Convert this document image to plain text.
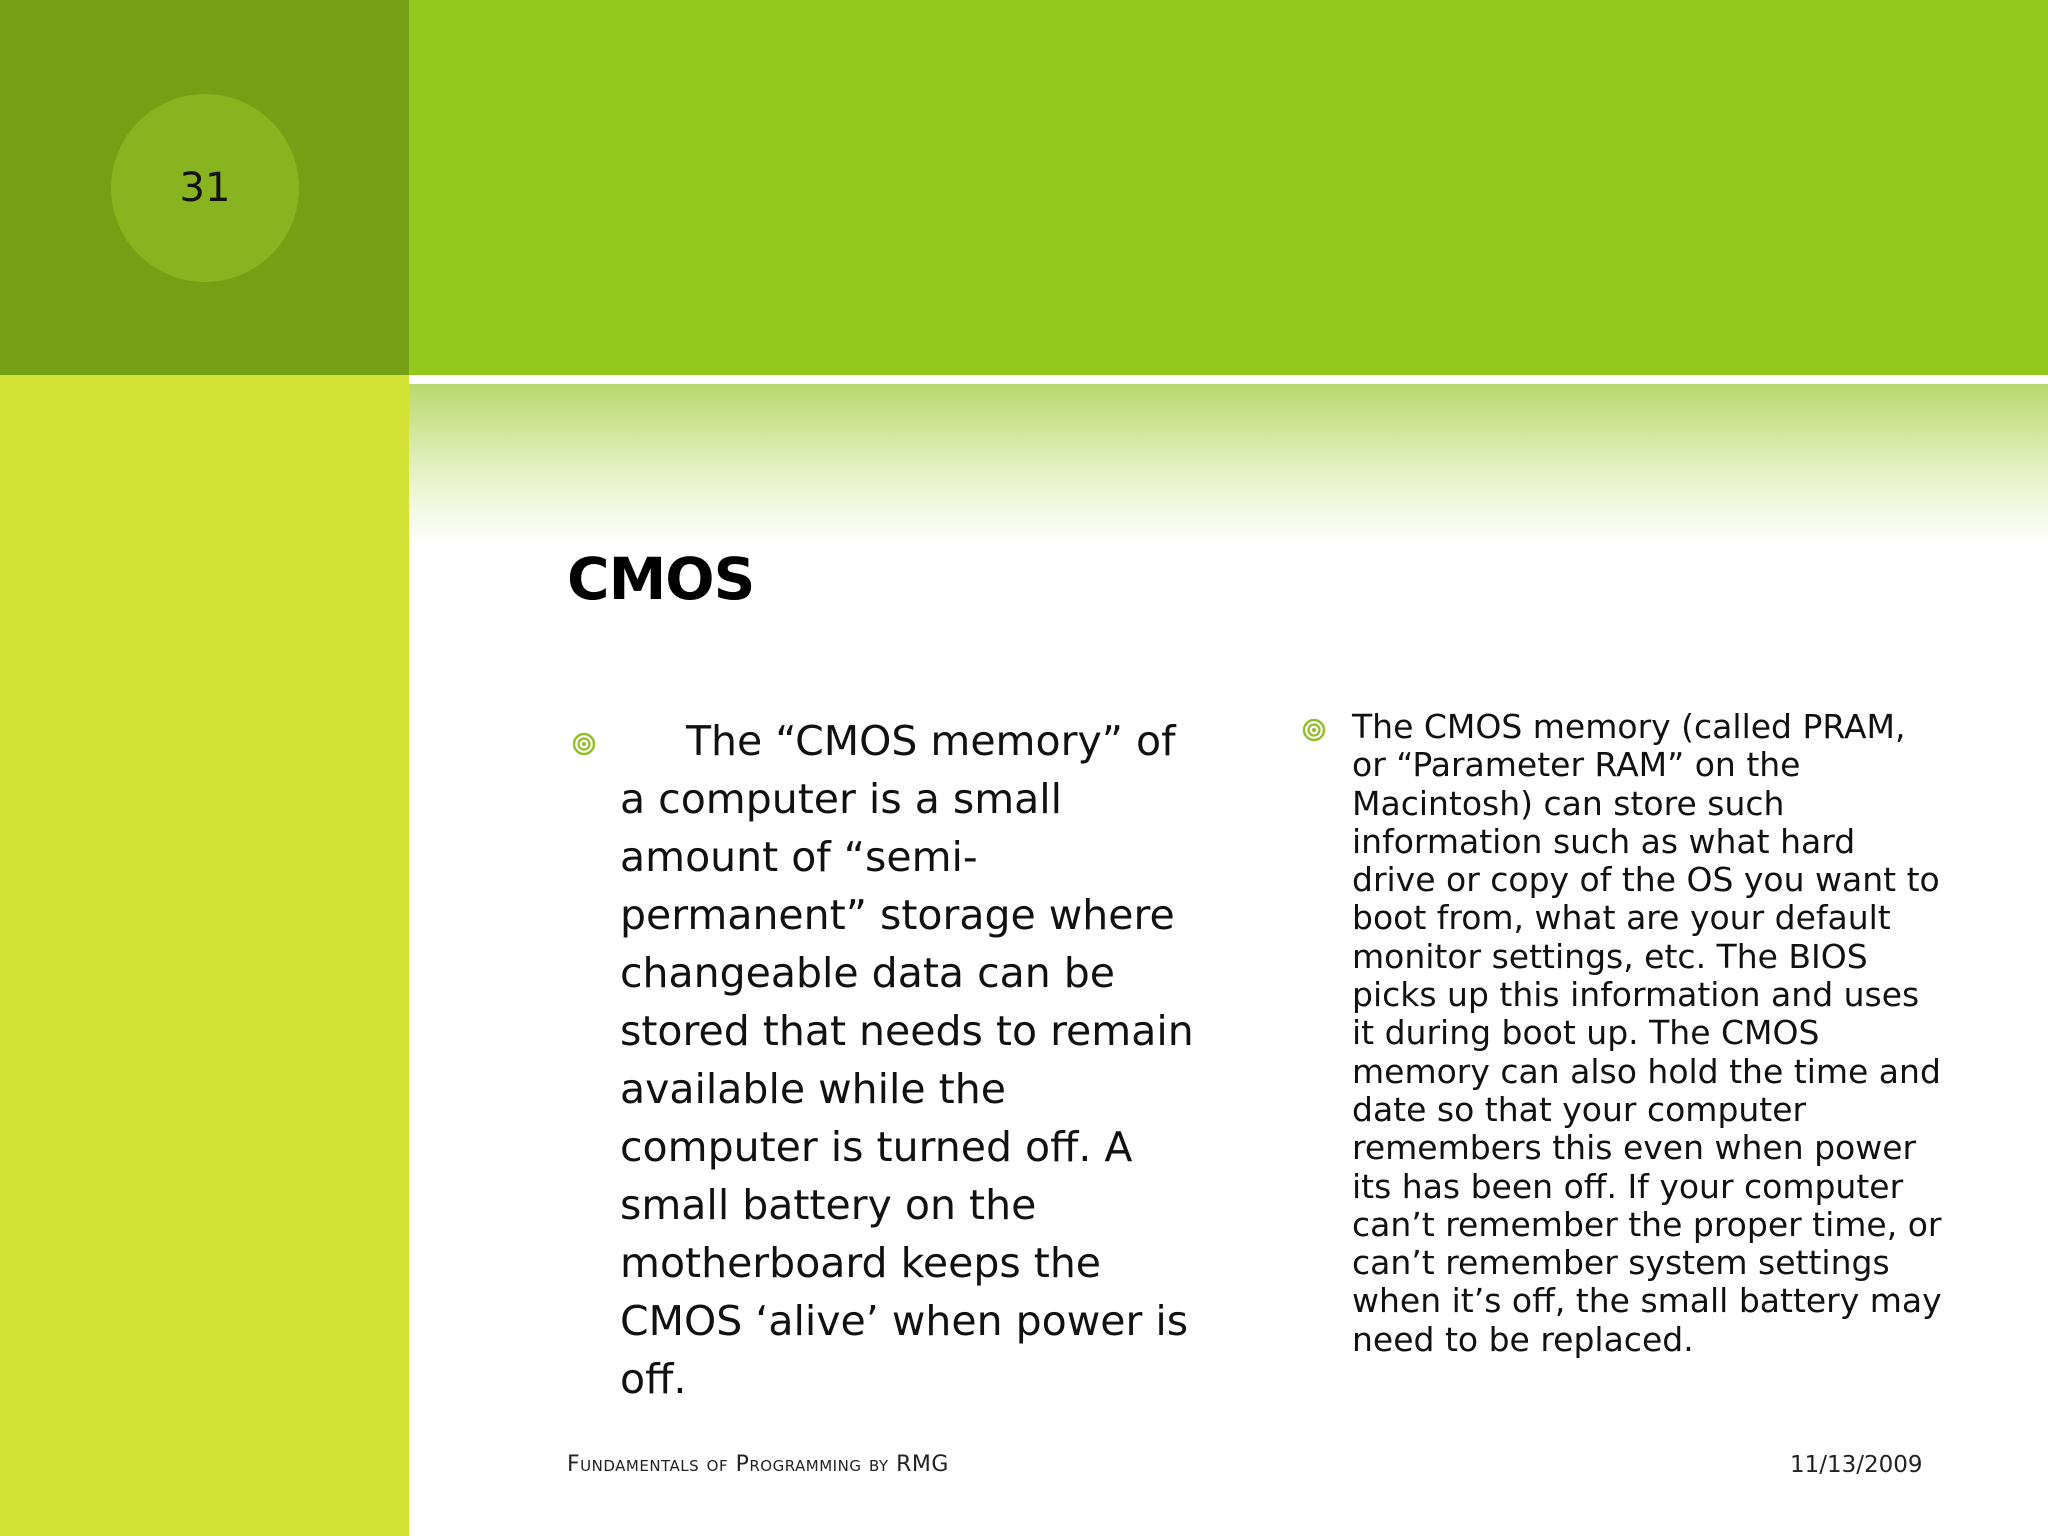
31
CMOS

The “CMOS memory” of a computer is a small amount of “semi-permanent” storage where changeable data can be stored that needs to remain available while the computer is turned off. A small battery on the motherboard keeps the CMOS ‘alive’ when power is off.

The CMOS memory (called PRAM, or “Parameter RAM” on the Macintosh) can store such information such as what hard drive or copy of the OS you want to boot from, what are your default monitor settings, etc. The BIOS picks up this information and uses it during boot up. The CMOS memory can also hold the time and date so that your computer remembers this even when power its has been off. If your computer can’t remember the proper time, or can’t remember system settings when it’s off, the small battery may need to be replaced.

Fundamentals of Programming by RMG	11/13/2009
